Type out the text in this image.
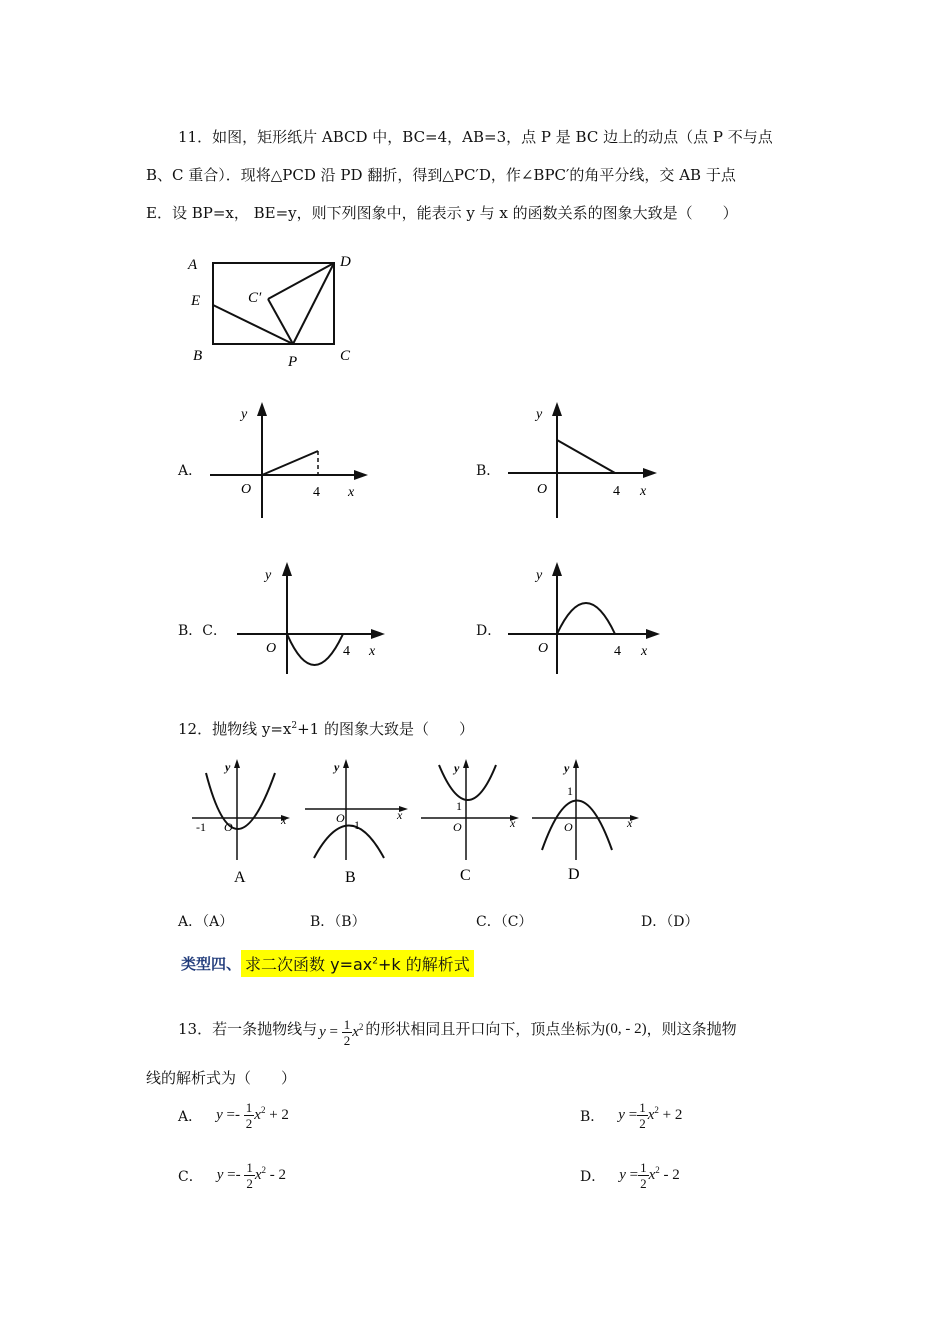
11．如图，矩形纸片 ABCD 中，BC=4，AB=3，点 P 是 BC 边上的动点（点 P 不与点
B、C 重合）．现将△PCD 沿 PD 翻折，得到△PC′D，作∠BPC′的角平分线，交 AB 于点
E．设 BP=x， BE=y，则下列图象中，能表示 y 与 x 的函数关系的图象大致是（　　）
A	D
E	C′
B	P	C
A．
y
O	4 x
B．
y
O	4 x
B．C．
y
O	4 x
D．
y
O	4 x
12．抛物线 $y=x^2+1$ 的图象大致是（　　）
y
O
-1	x
A
y
O -1
x
B
y
1
O	x
C
y
1
O	x
D
A．（A）	B．（B）	C．（C）	D．（D）
类型四、 求二次函数 $y=ax^2+k$ 的解析式
13．若一条抛物线与 $y = \frac{1}{2} x^2$ 的形状相同且开口向下，顶点坐标为 (0, - 2) ，则这条抛物
线的解析式为（　　）
A． $y =- \frac{1}{2} x^2 + 2$	B． $y = \frac{1}{2} x^2 + 2$
C． $y =- \frac{1}{2} x^2 - 2$	D． $y = \frac{1}{2} x^2 - 2$
